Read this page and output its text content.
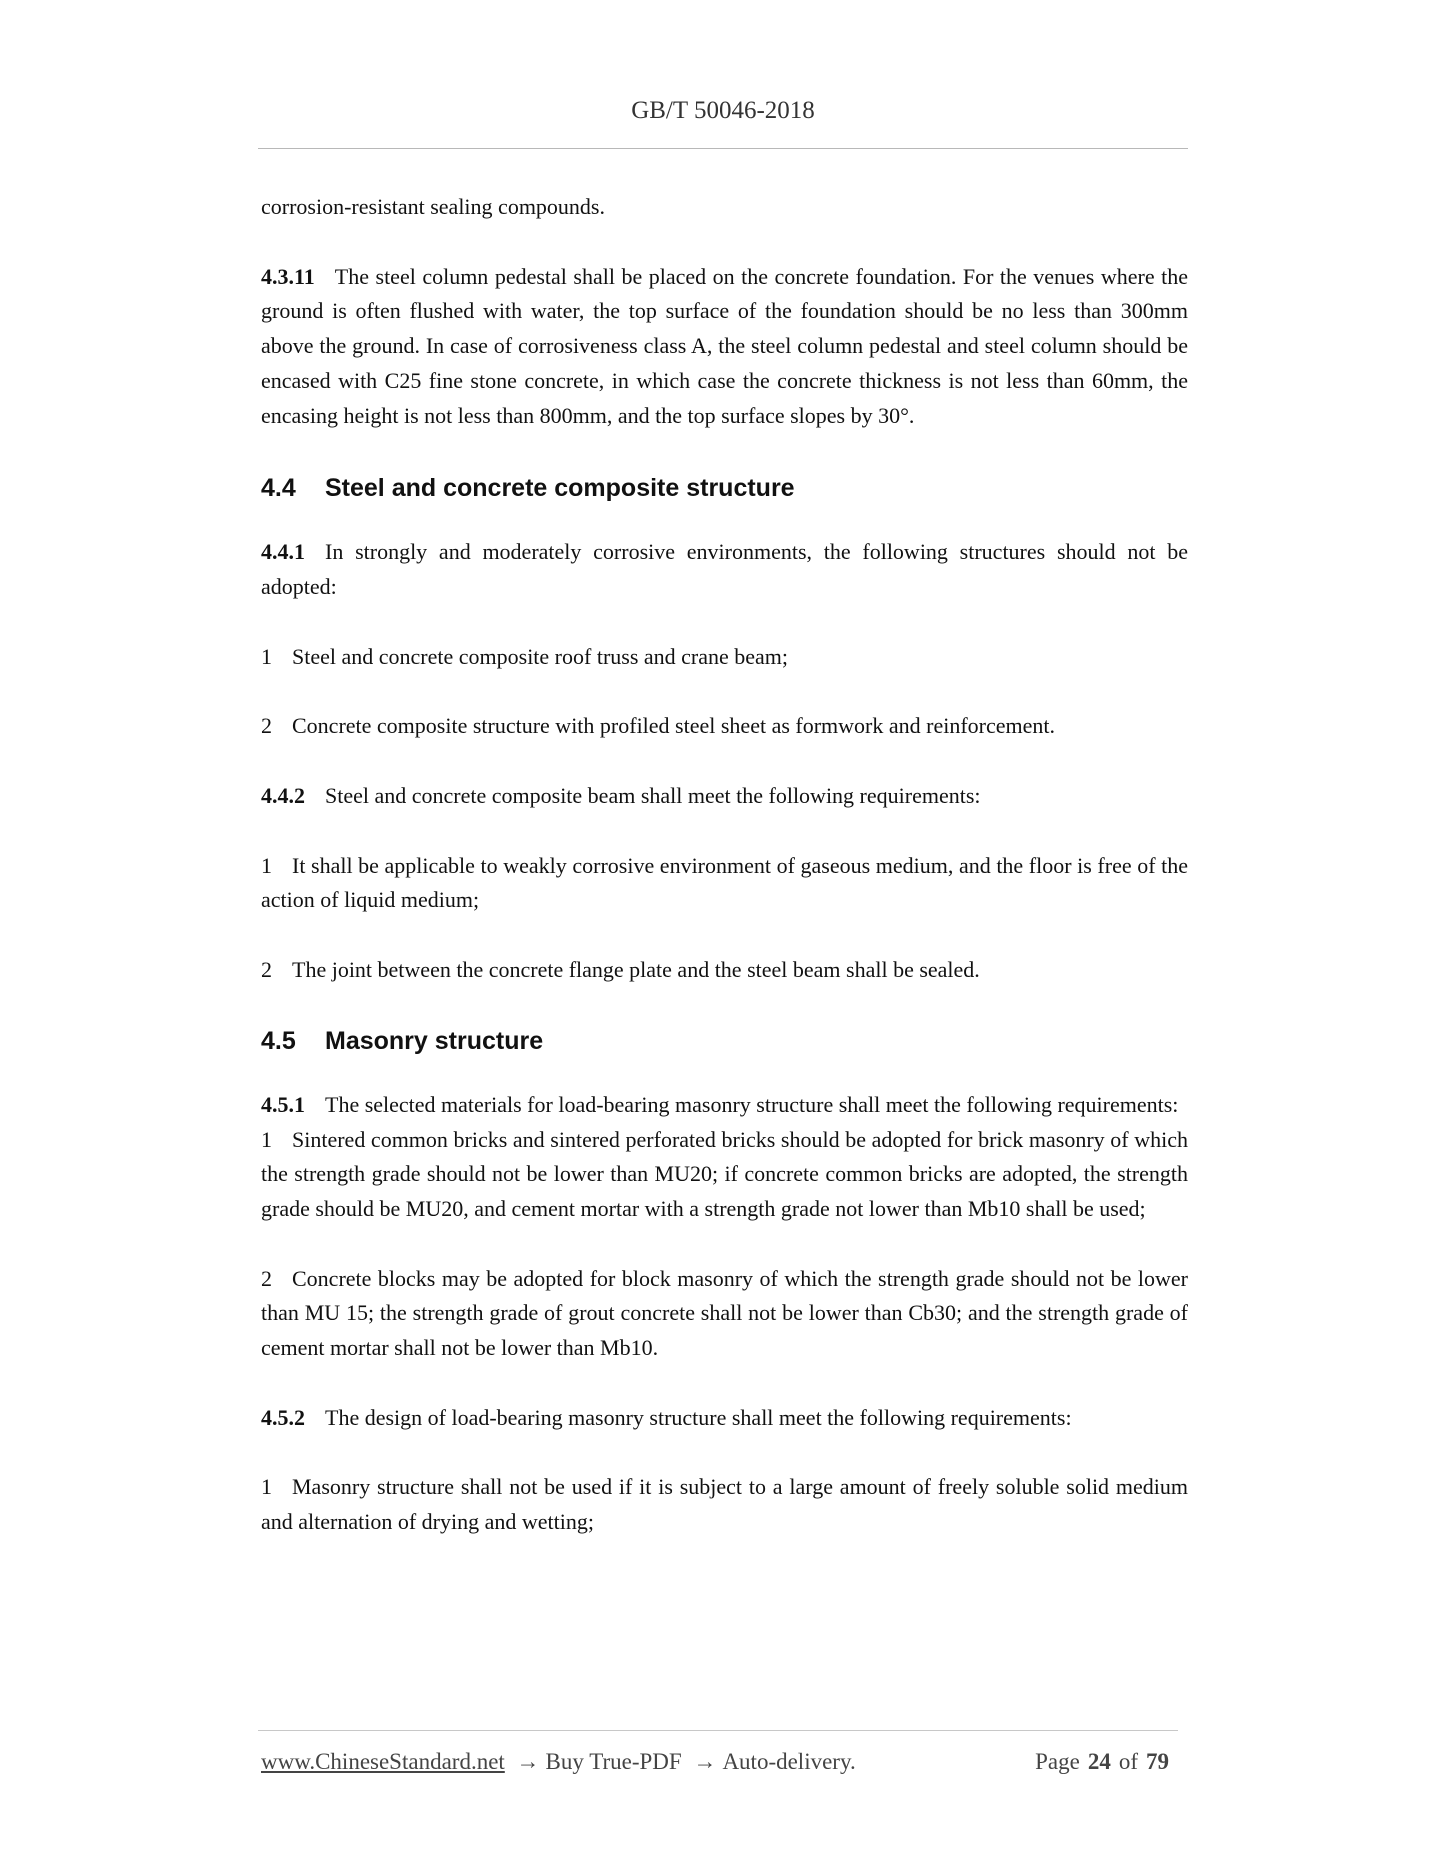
GB/T 50046-2018

corrosion-resistant sealing compounds.

4.3.11 The steel column pedestal shall be placed on the concrete foundation. For the venues where the ground is often flushed with water, the top surface of the foundation should be no less than 300mm above the ground. In case of corrosiveness class A, the steel column pedestal and steel column should be encased with C25 fine stone concrete, in which case the concrete thickness is not less than 60mm, the encasing height is not less than 800mm, and the top surface slopes by 30°.

4.4 Steel and concrete composite structure

4.4.1 In strongly and moderately corrosive environments, the following structures should not be adopted:

1 Steel and concrete composite roof truss and crane beam;

2 Concrete composite structure with profiled steel sheet as formwork and reinforcement.

4.4.2 Steel and concrete composite beam shall meet the following requirements:

1 It shall be applicable to weakly corrosive environment of gaseous medium, and the floor is free of the action of liquid medium;

2 The joint between the concrete flange plate and the steel beam shall be sealed.

4.5 Masonry structure

4.5.1 The selected materials for load-bearing masonry structure shall meet the following requirements:

1 Sintered common bricks and sintered perforated bricks should be adopted for brick masonry of which the strength grade should not be lower than MU20; if concrete common bricks are adopted, the strength grade should be MU20, and cement mortar with a strength grade not lower than Mb10 shall be used;

2 Concrete blocks may be adopted for block masonry of which the strength grade should not be lower than MU 15; the strength grade of grout concrete shall not be lower than Cb30; and the strength grade of cement mortar shall not be lower than Mb10.

4.5.2 The design of load-bearing masonry structure shall meet the following requirements:

1 Masonry structure shall not be used if it is subject to a large amount of freely soluble solid medium and alternation of drying and wetting;

www.ChineseStandard.net → Buy True-PDF → Auto-delivery.	Page 24 of 79
